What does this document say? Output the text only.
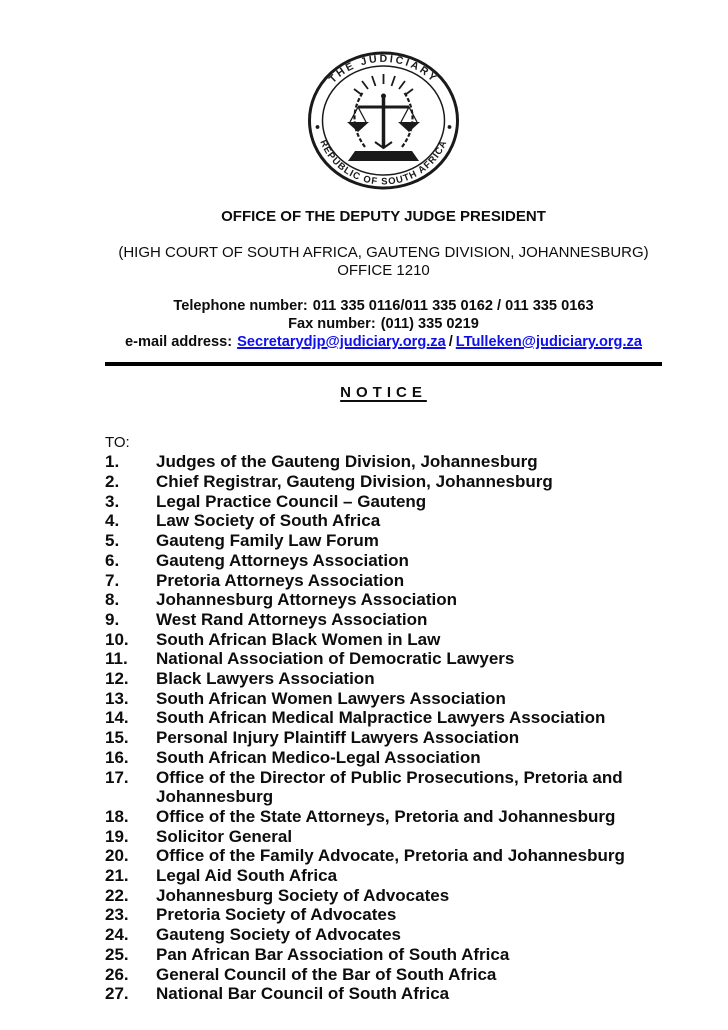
THE JUDICIARY
REPUBLIC OF SOUTH AFRICA
OFFICE OF THE DEPUTY JUDGE PRESIDENT
(HIGH COURT OF SOUTH AFRICA, GAUTENG DIVISION, JOHANNESBURG)
OFFICE 1210
Telephone number: 011 335 0116/011 335 0162 / 011 335 0163
Fax number: (011) 335 0219
e-mail address: Secretarydjp@judiciary.org.za / LTulleken@judiciary.org.za
NOTICE
TO:
1. Judges of the Gauteng Division, Johannesburg
2. Chief Registrar, Gauteng Division, Johannesburg
3. Legal Practice Council – Gauteng
4. Law Society of South Africa
5. Gauteng Family Law Forum
6. Gauteng Attorneys Association
7. Pretoria Attorneys Association
8. Johannesburg Attorneys Association
9. West Rand Attorneys Association
10. South African Black Women in Law
11. National Association of Democratic Lawyers
12. Black Lawyers Association
13. South African Women Lawyers Association
14. South African Medical Malpractice Lawyers Association
15. Personal Injury Plaintiff Lawyers Association
16. South African Medico-Legal Association
17. Office of the Director of Public Prosecutions, Pretoria and Johannesburg
18. Office of the State Attorneys, Pretoria and Johannesburg
19. Solicitor General
20. Office of the Family Advocate, Pretoria and Johannesburg
21. Legal Aid South Africa
22. Johannesburg Society of Advocates
23. Pretoria Society of Advocates
24. Gauteng Society of Advocates
25. Pan African Bar Association of South Africa
26. General Council of the Bar of South Africa
27. National Bar Council of South Africa
